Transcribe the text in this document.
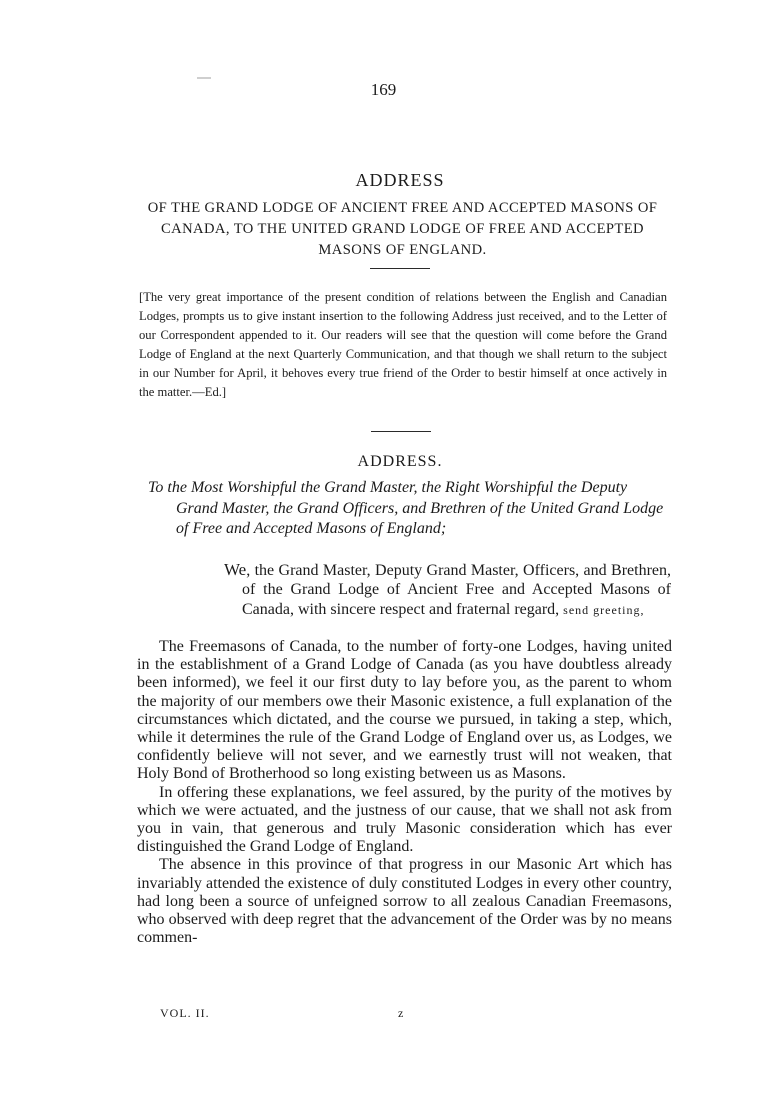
169
ADDRESS
OF THE GRAND LODGE OF ANCIENT FREE AND ACCEPTED MASONS OF CANADA, TO THE UNITED GRAND LODGE OF FREE AND ACCEPTED MASONS OF ENGLAND.
[The very great importance of the present condition of relations between the English and Canadian Lodges, prompts us to give instant insertion to the following Address just received, and to the Letter of our Correspondent appended to it. Our readers will see that the question will come before the Grand Lodge of England at the next Quarterly Communication, and that though we shall return to the subject in our Number for April, it behoves every true friend of the Order to bestir himself at once actively in the matter.—Ed.]
ADDRESS.
To the Most Worshipful the Grand Master, the Right Worshipful the Deputy Grand Master, the Grand Officers, and Brethren of the United Grand Lodge of Free and Accepted Masons of England;
We, the Grand Master, Deputy Grand Master, Officers, and Brethren, of the Grand Lodge of Ancient Free and Accepted Masons of Canada, with sincere respect and fraternal regard, send greeting,

The Freemasons of Canada, to the number of forty-one Lodges, having united in the establishment of a Grand Lodge of Canada (as you have doubtless already been informed), we feel it our first duty to lay before you, as the parent to whom the majority of our members owe their Masonic existence, a full explanation of the circumstances which dictated, and the course we pursued, in taking a step, which, while it determines the rule of the Grand Lodge of England over us, as Lodges, we confidently believe will not sever, and we earnestly trust will not weaken, that Holy Bond of Brotherhood so long existing between us as Masons.

In offering these explanations, we feel assured, by the purity of the motives by which we were actuated, and the justness of our cause, that we shall not ask from you in vain, that generous and truly Masonic consideration which has ever distinguished the Grand Lodge of England.

The absence in this province of that progress in our Masonic Art which has invariably attended the existence of duly constituted Lodges in every other country, had long been a source of unfeigned sorrow to all zealous Canadian Freemasons, who observed with deep regret that the advancement of the Order was by no means commen-

VOL. II.	z
